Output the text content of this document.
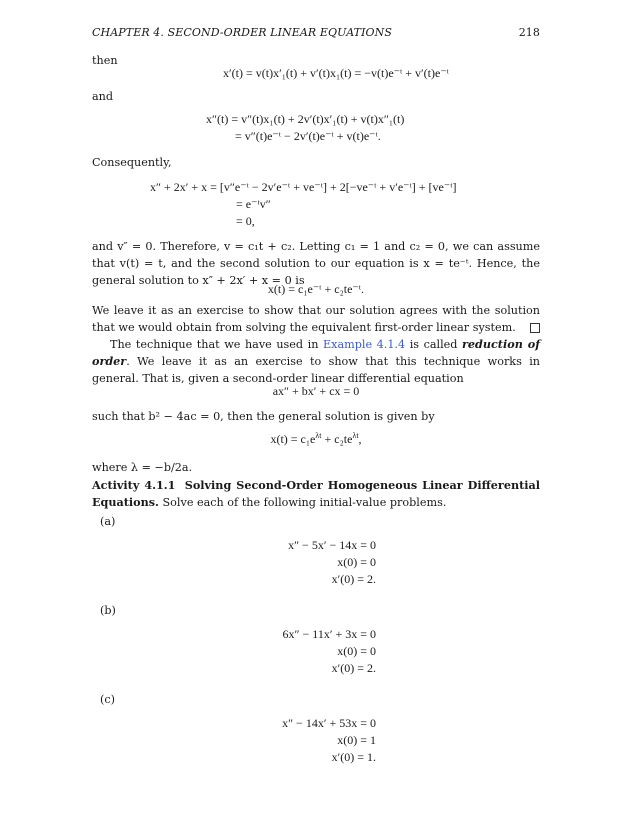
CHAPTER 4. SECOND-ORDER LINEAR EQUATIONS	218
then
x′(t) = v(t)x′₁(t) + v′(t)x₁(t) = −v(t)e⁻ᵗ + v′(t)e⁻ᵗ
and
x″(t) = v″(t)x₁(t) + 2v′(t)x′₁(t) + v(t)x″₁(t)
= v″(t)e⁻ᵗ − 2v′(t)e⁻ᵗ + v(t)e⁻ᵗ.
Consequently,
x″ + 2x′ + x = [v″e⁻ᵗ − 2v′e⁻ᵗ + ve⁻ᵗ] + 2[−ve⁻ᵗ + v′e⁻ᵗ] + [ve⁻ᵗ]
= e⁻ᵗv″
= 0,
and v″ = 0. Therefore, v = c₁t + c₂. Letting c₁ = 1 and c₂ = 0, we can assume that v(t) = t, and the second solution to our equation is x = te⁻ᵗ. Hence, the general solution to x″ + 2x′ + x = 0 is
x(t) = c₁e⁻ᵗ + c₂te⁻ᵗ.
We leave it as an exercise to show that our solution agrees with the solution that we would obtain from solving the equivalent first-order linear system.
The technique that we have used in Example 4.1.4 is called reduction of order. We leave it as an exercise to show that this technique works in general. That is, given a second-order linear differential equation
ax″ + bx′ + cx = 0
such that b² − 4ac = 0, then the general solution is given by
$x(t) = c_1e^{\lambda t} + c_2te^{\lambda t}$,
where λ = −b/2a.
Activity 4.1.1 Solving Second-Order Homogeneous Linear Differential Equations. Solve each of the following initial-value problems.
(a)
x″ − 5x′ − 14x = 0
x(0) = 0
x′(0) = 2.
(b)
6x″ − 11x′ + 3x = 0
x(0) = 0
x′(0) = 2.
(c)
x″ − 14x′ + 53x = 0
x(0) = 1
x′(0) = 1.
